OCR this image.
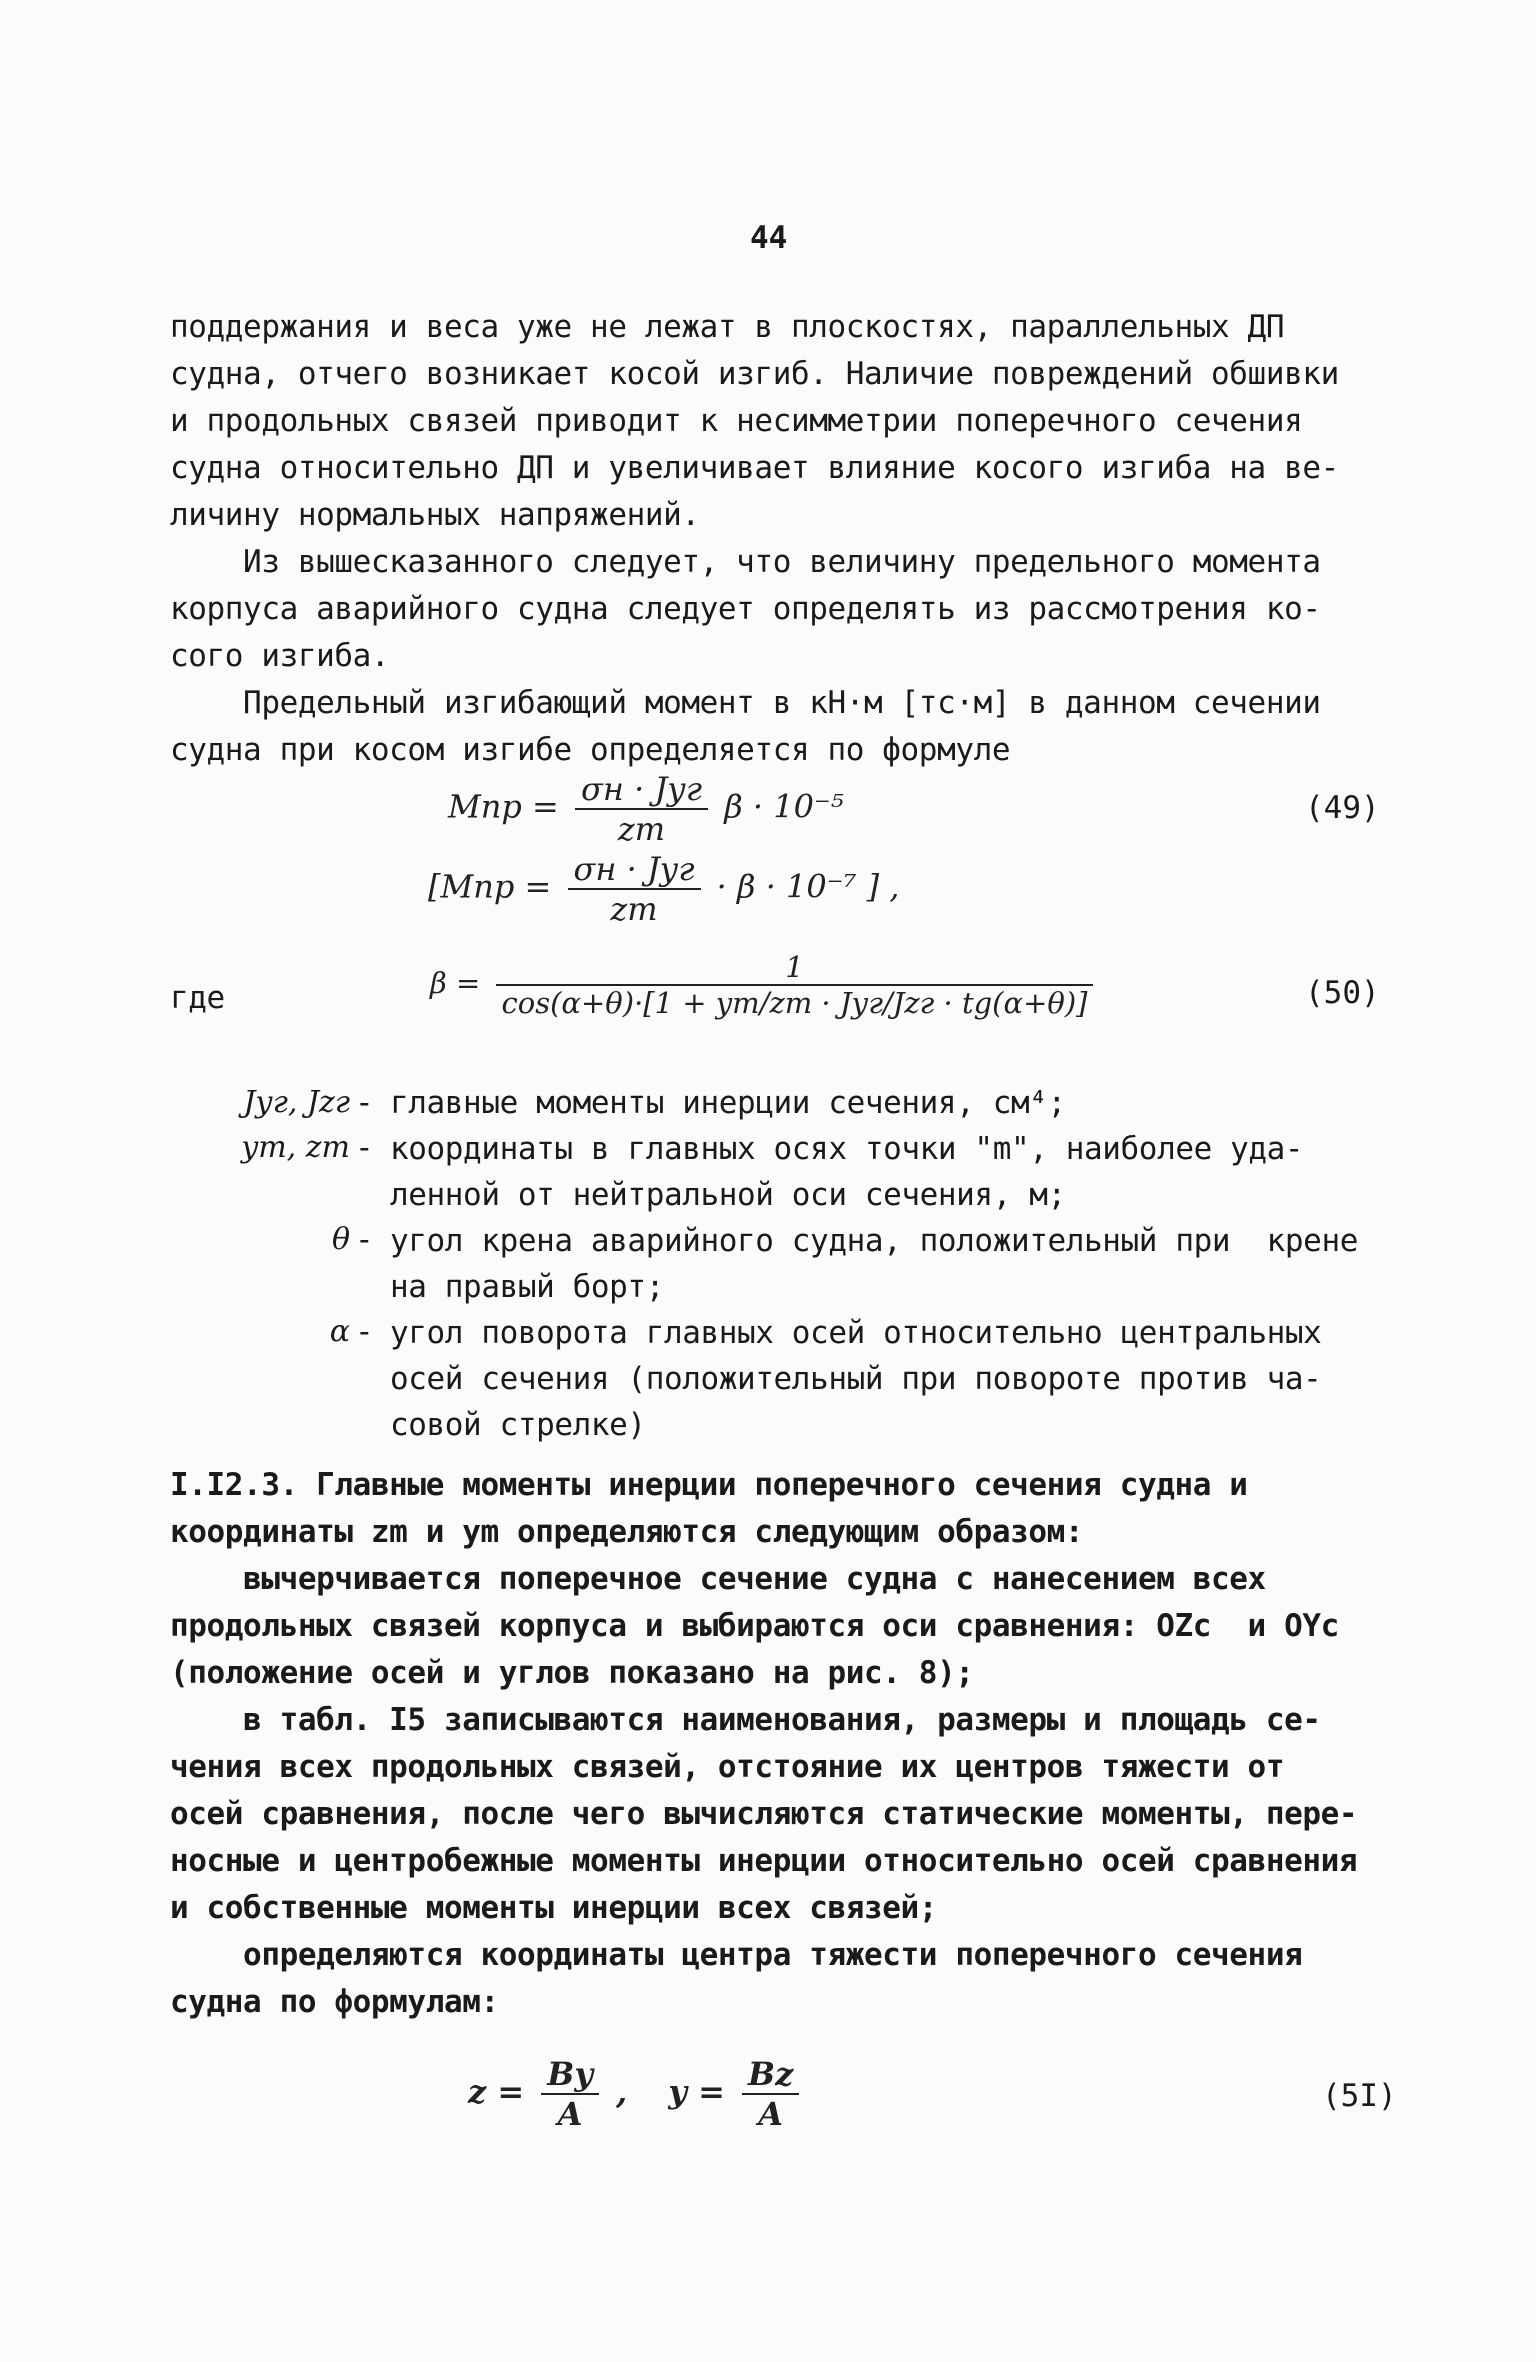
44
поддержания и веса уже не лежат в плоскостях, параллельных ДП
судна, отчего возникает косой изгиб. Наличие повреждений обшивки
и продольных связей приводит к несимметрии поперечного сечения
судна относительно ДП и увеличивает влияние косого изгиба на ве-
личину нормальных напряжений.
Из вышесказанного следует, что величину предельного момента
корпуса аварийного судна следует определять из рассмотрения ко-
сого изгиба.
Предельный изгибающий момент в кН·м [тс·м] в данном сечении
судна при косом изгибе определяется по формуле
Mпр = $\frac{\text{σн · Jуг}}{zm}$ β · 10⁻⁵	(49)
[$Mпр = \frac{\text{σн · Jуг}}{zm} \cdot \beta \cdot 10^{-7}$ ] ,
где	$\beta = \frac{1}{\text{cos(α+θ)·[1 + ym/zm · Jуг/Jzг · tg(α+θ)]}}$	(50)
Jуг, Jzг - главные моменты инерции сечения, см⁴;
ym, zm - координаты в главных осях точки "m", наиболее уда-
ленной от нейтральной оси сечения, м;
θ - угол крена аварийного судна, положительный при  крене
на правый борт;
α - угол поворота главных осей относительно центральных
осей сечения (положительный при повороте против ча-
совой стрелке)
I.I2.3. Главные моменты инерции поперечного сечения судна и
координаты zm и ym определяются следующим образом:
вычерчивается поперечное сечение судна с нанесением всех
продольных связей корпуса и выбираются оси сравнения: OZс  и OYс
(положение осей и углов показано на рис. 8);
в табл. I5 записываются наименования, размеры и площадь се-
чения всех продольных связей, отстояние их центров тяжести от
осей сравнения, после чего вычисляются статические моменты, пере-
носные и центробежные моменты инерции относительно осей сравнения
и собственные моменты инерции всех связей;
определяются координаты центра тяжести поперечного сечения
судна по формулам:
$z = \frac{By}{A}$ , $y = \frac{Bz}{A}$	(5I)
